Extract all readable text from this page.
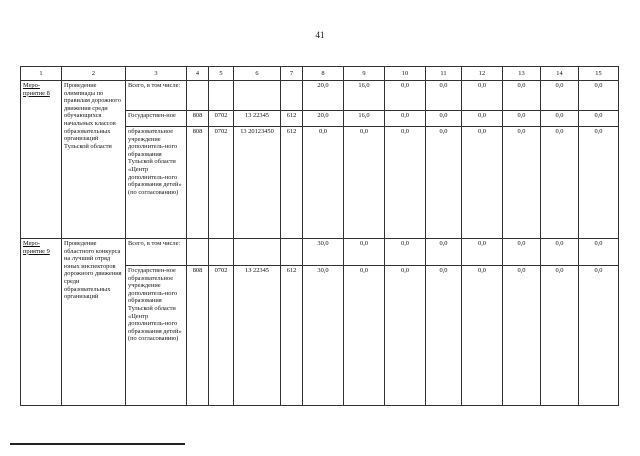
41
1	2	3	4	5	6	7	8	9	10	11	12	13	14	15
Меро-приятие 8	Проведение олимпиады по правилам дорожного движения среди обучающихся начальных классов образовательных организаций Тульской области	Всего, в том числе:					20,0	16,0	0,0	0,0	0,0	0,0	0,0	0,0
		Государствен-ное	808	0702	13 22345	612	20,0	16,0	0,0	0,0	0,0	0,0	0,0	0,0
		образовательное учреждение дополнитель-ного образования Тульской области «Центр дополнитель-ного образования детей» (по согласованию)	808	0702	13 20123450	612	0,0	0,0	0,0	0,0	0,0	0,0	0,0	0,0
Меро-приятие 9	Проведение областного конкурса на лучший отряд юных инспекторов дорожного движения среди образовательных организаций	Всего, в том числе:					30,0	0,0	0,0	0,0	0,0	0,0	0,0	0,0
		Государствен-ное образовательное учреждение дополнитель-ного образования Тульской области «Центр дополнитель-ного образования детей» (по согласованию)	808	0702	13 22345	612	30,0	0,0	0,0	0,0	0,0	0,0	0,0	0,0
